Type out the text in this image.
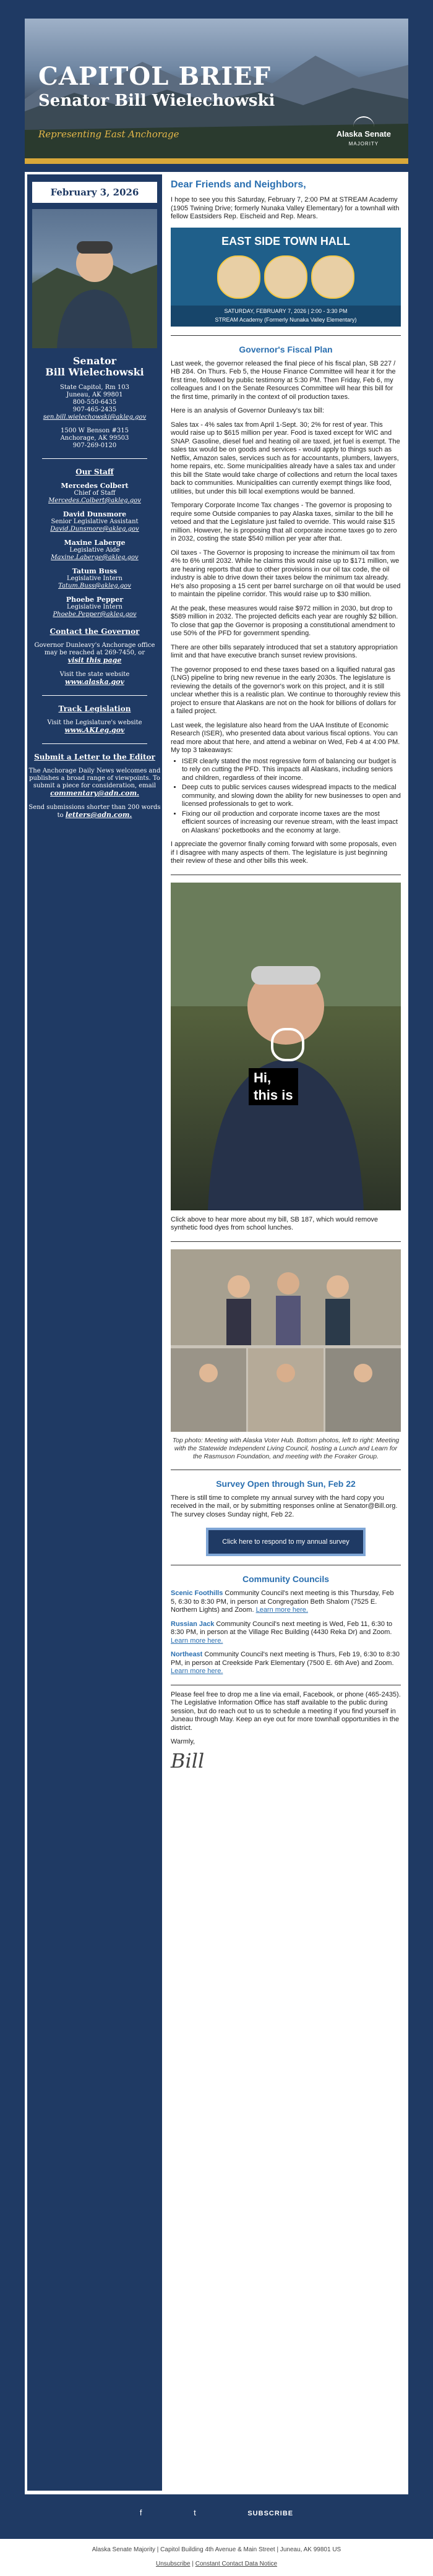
CAPITOL BRIEF
Senator Bill Wielechowski
Representing East Anchorage	Alaska Senate
MAJORITY
February 3, 2026
Senator
Bill Wielechowski
State Capitol, Rm 103
Juneau, AK 99801
800-550-6435
907-465-2435
sen.bill.wielechowski@akleg.gov
1500 W Benson #315
Anchorage, AK 99503
907-269-0120
Our Staff
Mercedes Colbert
Chief of Staff
Mercedes.Colbert@akleg.gov
David Dunsmore
Senior Legislative Assistant
David.Dunsmore@akleg.gov
Maxine Laberge
Legislative Aide
Maxine.Laberge@akleg.gov
Tatum Buss
Legislative Intern
Tatum.Buss@akleg.gov
Phoebe Pepper
Legislative Intern
Phoebe.Pepper@akleg.gov
Contact the Governor
Governor Dunleavy's Anchorage office may be reached at 269-7450, or
visit this page
Visit the state website
www.alaska.gov
Track Legislation
Visit the Legislature's website
www.AKLeg.gov
Submit a Letter to the Editor
The Anchorage Daily News welcomes and publishes a broad range of viewpoints. To submit a piece for consideration, email commentary@adn.com.
Send submissions shorter than 200 words to letters@adn.com.
Dear Friends and Neighbors,

I hope to see you this Saturday, February 7, 2:00 PM at STREAM Academy (1905 Twining Drive; formerly Nunaka Valley Elementary) for a townhall with fellow Eastsiders Rep. Eischeid and Rep. Mears.

EAST SIDE TOWN HALL
SATURDAY, FEBRUARY 7, 2026 | 2:00 - 3:30 PM
STREAM Academy (Formerly Nunaka Valley Elementary)
Governor's Fiscal Plan

Last week, the governor released the final piece of his fiscal plan, SB 227 / HB 284. On Thurs. Feb 5, the House Finance Committee will hear it for the first time, followed by public testimony at 5:30 PM. Then Friday, Feb 6, my colleagues and I on the Senate Resources Committee will hear this bill for the first time, primarily in the context of oil production taxes.

Here is an analysis of Governor Dunleavy's tax bill:

Sales tax - 4% sales tax from April 1-Sept. 30; 2% for rest of year. This would raise up to $615 million per year. Food is taxed except for WIC and SNAP. Gasoline, diesel fuel and heating oil are taxed, jet fuel is exempt. The sales tax would be on goods and services - would apply to things such as Netflix, Amazon sales, services such as for accountants, plumbers, lawyers, home repairs, etc. Some municipalities already have a sales tax and under this bill the State would take charge of collections and return the local taxes back to communities. Municipalities can currently exempt things like food, utilities, but under this bill local exemptions would be banned.

Temporary Corporate Income Tax changes - The governor is proposing to require some Outside companies to pay Alaska taxes, similar to the bill he vetoed and that the Legislature just failed to override. This would raise $15 million. However, he is proposing that all corporate income taxes go to zero in 2032, costing the state $540 million per year after that.

Oil taxes - The Governor is proposing to increase the minimum oil tax from 4% to 6% until 2032. While he claims this would raise up to $171 million, we are hearing reports that due to other provisions in our oil tax code, the oil industry is able to drive down their taxes below the minimum tax already. He's also proposing a 15 cent per barrel surcharge on oil that would be used to maintain the pipeline corridor. This would raise up to $30 million.

At the peak, these measures would raise $972 million in 2030, but drop to $589 million in 2032. The projected deficits each year are roughly $2 billion. To close that gap the Governor is proposing a constitutional amendment to use 50% of the PFD for government spending.

There are other bills separately introduced that set a statutory appropriation limit and that have executive branch sunset review provisions.

The governor proposed to end these taxes based on a liquified natural gas (LNG) pipeline to bring new revenue in the early 2030s. The legislature is reviewing the details of the governor's work on this project, and it is still unclear whether this is a realistic plan. We continue to thoroughly review this project to ensure that Alaskans are not on the hook for billions of dollars for a failed project.

Last week, the legislature also heard from the UAA Institute of Economic Research (ISER), who presented data about various fiscal options. You can read more about that here, and attend a webinar on Wed, Feb 4 at 4:00 PM. My top 3 takeaways:

• ISER clearly stated the most regressive form of balancing our budget is to rely on cutting the PFD. This impacts all Alaskans, including seniors and children, regardless of their income.
• Deep cuts to public services causes widespread impacts to the medical community, and slowing down the ability for new businesses to open and licensed professionals to get to work.
• Fixing our oil production and corporate income taxes are the most efficient sources of increasing our revenue stream, with the least impact on Alaskans' pocketbooks and the economy at large.

I appreciate the governor finally coming forward with some proposals, even if I disagree with many aspects of them. The legislature is just beginning their review of these and other bills this week.

Hi,
this is

Click above to hear more about my bill, SB 187, which would remove synthetic food dyes from school lunches.

Top photo: Meeting with Alaska Voter Hub. Bottom photos, left to right: Meeting with the Statewide Independent Living Council, hosting a Lunch and Learn for the Rasmuson Foundation, and meeting with the Foraker Group.
Survey Open through Sun, Feb 22

There is still time to complete my annual survey with the hard copy you received in the mail, or by submitting responses online at Senator@Bill.org. The survey closes Sunday night, Feb 22.

Click here to respond to my annual survey
Community Councils

Scenic Foothills Community Council's next meeting is this Thursday, Feb 5, 6:30 to 8:30 PM, in person at Congregation Beth Shalom (7525 E. Northern Lights) and Zoom. Learn more here.

Russian Jack Community Council's next meeting is Wed, Feb 11, 6:30 to 8:30 PM, in person at the Village Rec Building (4430 Reka Dr) and Zoom. Learn more here.

Northeast Community Council's next meeting is Thurs, Feb 19, 6:30 to 8:30 PM, in person at Creekside Park Elementary (7500 E. 6th Ave) and Zoom. Learn more here.

Please feel free to drop me a line via email, Facebook, or phone (465-2435). The Legislative Information Office has staff available to the public during session, but do reach out to us to schedule a meeting if you find yourself in Juneau through May. Keep an eye out for more townhall opportunities in the district.

Warmly,

Bill
f	t	SUBSCRIBE
Alaska Senate Majority | Capitol Building 4th Avenue & Main Street | Juneau, AK 99801 US
Unsubscribe | Constant Contact Data Notice
